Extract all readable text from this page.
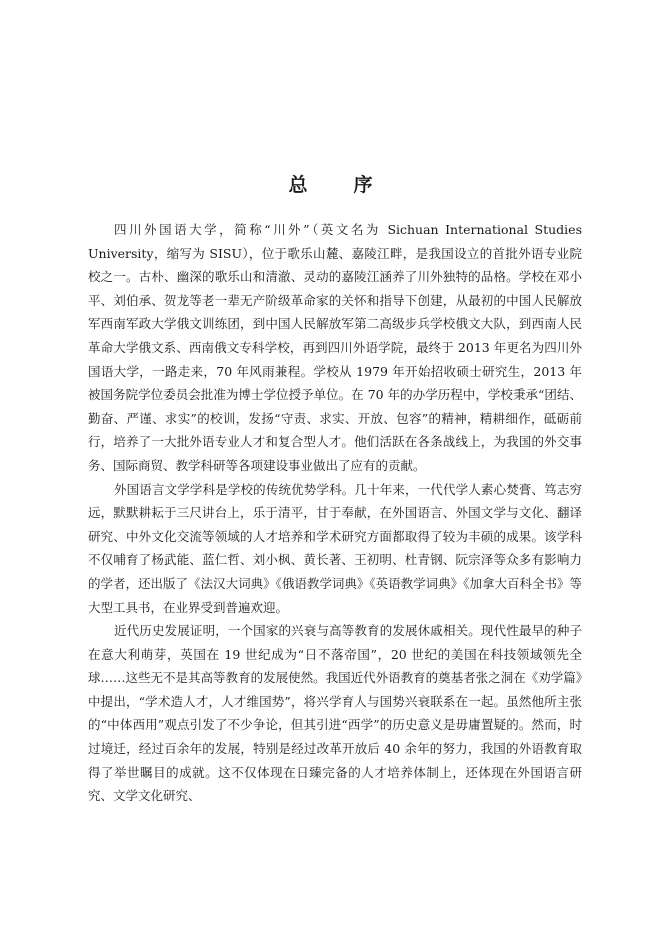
总 序

四川外国语大学，简称“川外”（英文名为 Sichuan International Studies University，缩写为 SISU），位于歌乐山麓、嘉陵江畔，是我国设立的首批外语专业院校之一。古朴、幽深的歌乐山和清澈、灵动的嘉陵江涵养了川外独特的品格。学校在邓小平、刘伯承、贺龙等老一辈无产阶级革命家的关怀和指导下创建，从最初的中国人民解放军西南军政大学俄文训练团，到中国人民解放军第二高级步兵学校俄文大队，到西南人民革命大学俄文系、西南俄文专科学校，再到四川外语学院，最终于 2013 年更名为四川外国语大学，一路走来，70 年风雨兼程。学校从 1979 年开始招收硕士研究生，2013 年被国务院学位委员会批准为博士学位授予单位。在 70 年的办学历程中，学校秉承“团结、勤奋、严谨、求实”的校训，发扬“守责、求实、开放、包容”的精神，精耕细作，砥砺前行，培养了一大批外语专业人才和复合型人才。他们活跃在各条战线上，为我国的外交事务、国际商贸、教学科研等各项建设事业做出了应有的贡献。

外国语言文学学科是学校的传统优势学科。几十年来，一代代学人素心焚膏、笃志穷远，默默耕耘于三尺讲台上，乐于清平，甘于奉献，在外国语言、外国文学与文化、翻译研究、中外文化交流等领域的人才培养和学术研究方面都取得了较为丰硕的成果。该学科不仅哺育了杨武能、蓝仁哲、刘小枫、黄长著、王初明、杜青钢、阮宗泽等众多有影响力的学者，还出版了《法汉大词典》《俄语教学词典》《英语教学词典》《加拿大百科全书》等大型工具书，在业界受到普遍欢迎。

近代历史发展证明，一个国家的兴衰与高等教育的发展休戚相关。现代性最早的种子在意大利萌芽，英国在 19 世纪成为“日不落帝国”，20 世纪的美国在科技领域领先全球……这些无不是其高等教育的发展使然。我国近代外语教育的奠基者张之洞在《劝学篇》中提出，“学术造人才，人才维国势”，将兴学育人与国势兴衰联系在一起。虽然他所主张的“中体西用”观点引发了不少争论，但其引进“西学”的历史意义是毋庸置疑的。然而，时过境迁，经过百余年的发展，特别是经过改革开放后 40 余年的努力，我国的外语教育取得了举世瞩目的成就。这不仅体现在日臻完备的人才培养体制上，还体现在外国语言研究、文学文化研究、
